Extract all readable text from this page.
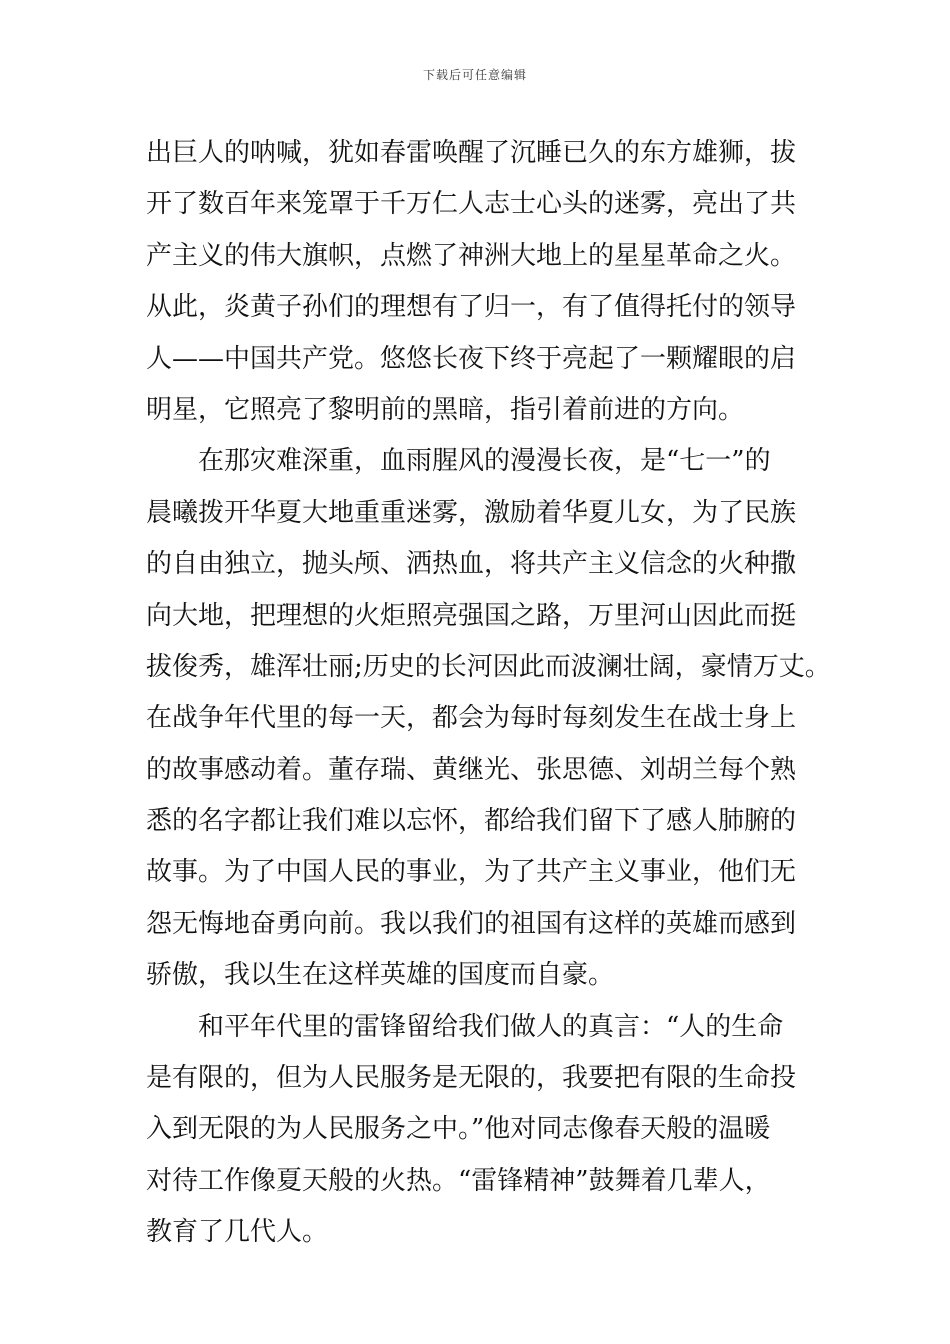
下载后可任意编辑
出巨人的呐喊，犹如春雷唤醒了沉睡已久的东方雄狮，拔
开了数百年来笼罩于千万仁人志士心头的迷雾，亮出了共
产主义的伟大旗帜，点燃了神洲大地上的星星革命之火。
从此，炎黄子孙们的理想有了归一，有了值得托付的领导
人——中国共产党。悠悠长夜下终于亮起了一颗耀眼的启
明星，它照亮了黎明前的黑暗，指引着前进的方向。
　　在那灾难深重，血雨腥风的漫漫长夜，是“七一”的
晨曦拨开华夏大地重重迷雾，激励着华夏儿女，为了民族
的自由独立，抛头颅、洒热血，将共产主义信念的火种撒
向大地，把理想的火炬照亮强国之路，万里河山因此而挺
拔俊秀，雄浑壮丽;历史的长河因此而波澜壮阔，豪情万丈。
在战争年代里的每一天，都会为每时每刻发生在战士身上
的故事感动着。董存瑞、黄继光、张思德、刘胡兰每个熟
悉的名字都让我们难以忘怀，都给我们留下了感人肺腑的
故事。为了中国人民的事业，为了共产主义事业，他们无
怨无悔地奋勇向前。我以我们的祖国有这样的英雄而感到
骄傲，我以生在这样英雄的国度而自豪。
　　和平年代里的雷锋留给我们做人的真言：“人的生命
是有限的，但为人民服务是无限的，我要把有限的生命投
入到无限的为人民服务之中。”他对同志像春天般的温暖
对待工作像夏天般的火热。“雷锋精神”鼓舞着几辈人，
教育了几代人。
